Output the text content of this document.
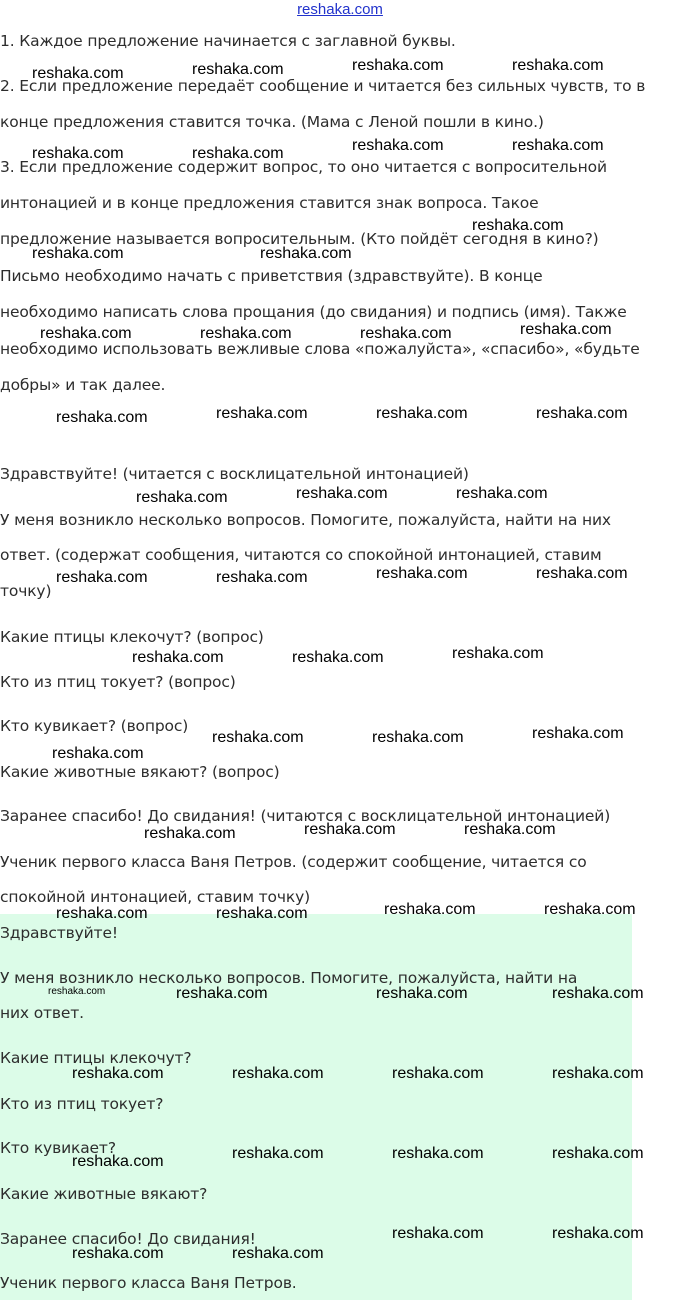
reshaka.com
1. Каждое предложение начинается с заглавной буквы.
2. Если предложение передаёт сообщение и читается без сильных чувств, то в
конце предложения ставится точка. (Мама с Леной пошли в кино.)
3. Если предложение содержит вопрос, то оно читается с вопросительной
интонацией и в конце предложения ставится знак вопроса. Такое
предложение называется вопросительным. (Кто пойдёт сегодня в кино?)
Письмо необходимо начать с приветствия (здравствуйте). В конце
необходимо написать слова прощания (до свидания) и подпись (имя). Также
необходимо использовать вежливые слова «пожалуйста», «спасибо», «будьте
добры» и так далее.
Здравствуйте! (читается с восклицательной интонацией)
У меня возникло несколько вопросов. Помогите, пожалуйста, найти на них
ответ. (содержат сообщения, читаются со спокойной интонацией, ставим
точку)
Какие птицы клекочут? (вопрос)
Кто из птиц токует? (вопрос)
Кто кувикает? (вопрос)
Какие животные вякают? (вопрос)
Заранее спасибо! До свидания! (читаются с восклицательной интонацией)
Ученик первого класса Ваня Петров. (содержит сообщение, читается со
спокойной интонацией, ставим точку)
Здравствуйте!
У меня возникло несколько вопросов. Помогите, пожалуйста, найти на
них ответ.
Какие птицы клекочут?
Кто из птиц токует?
Кто кувикает?
Какие животные вякают?
Заранее спасибо! До свидания!
Ученик первого класса Ваня Петров.
reshaka.com	reshaka.com	reshaka.com	reshaka.com
reshaka.com	reshaka.com	reshaka.com	reshaka.com
reshaka.com
reshaka.com	reshaka.com
reshaka.com	reshaka.com	reshaka.com	reshaka.com
reshaka.com	reshaka.com	reshaka.com	reshaka.com
reshaka.com	reshaka.com	reshaka.com
reshaka.com	reshaka.com	reshaka.com	reshaka.com
reshaka.com	reshaka.com	reshaka.com
reshaka.com	reshaka.com	reshaka.com
reshaka.com
reshaka.com	reshaka.com	reshaka.com
reshaka.com	reshaka.com	reshaka.com	reshaka.com
reshaka.com	reshaka.com	reshaka.com	reshaka.com
reshaka.com	reshaka.com	reshaka.com	reshaka.com
reshaka.com	reshaka.com	reshaka.com	reshaka.com
reshaka.com	reshaka.com
reshaka.com	reshaka.com
